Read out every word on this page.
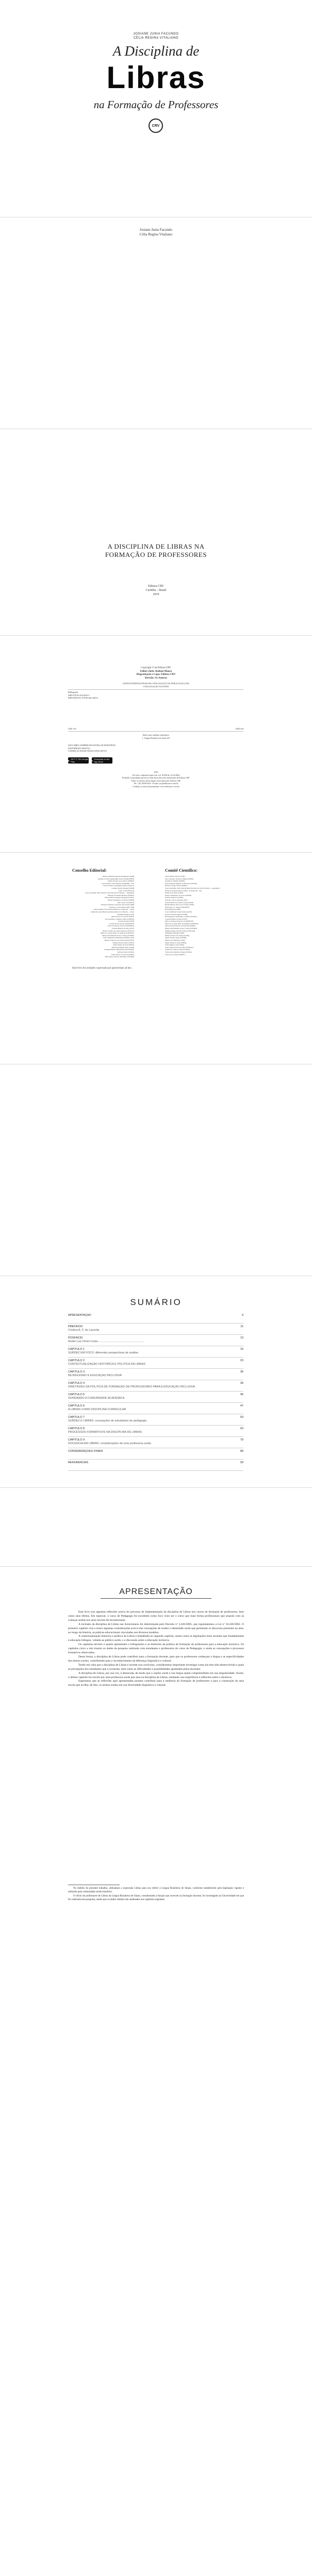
JOSIANE JUNIA FACUNDO
CÉLIA REGINA VITALIANO
A Disciplina de
Libras
na Formação de Professores
CRV
Josiane Junia Facundo
Célia Regina Vitaliano
A DISCIPLINA DE LIBRAS NA
FORMAÇÃO DE PROFESSORES
Editora CRV
Curitiba – Brasil
2019
Copyright © da Editora CRV
Editor-chefe: Railson Moura
Diagramação e Capa: Editora CRV
Revisão: As Autoras
DADOS INTERNACIONAIS DE CATALOGAÇÃO NA PUBLICAÇÃO (CIP)
CATALOGAÇÃO NA FONTE
Bibliografia
ISBN 978-85-444-3633-3
ISBN DIGITAL 978-85-444-3632-6
CDU 376	CDD 419
Índice para catálogo sistemático
1. Língua Brasileira de sinais 419
ESTA OBRA TAMBÉM ENCONTRA-SE DISPONÍVEL
EM FORMATO DIGITAL.
CONHEÇA E BAIXE NOSSO APLICATIVO!
▶ GET IT ON Google Play	● Download on the App Store
2019
Foi feito o depósito legal conf. Lei 10.994 de 14/12/2004
Proibida a reprodução parcial ou total desta obra sem autorização da Editora CRV
Todos os direitos desta edição reservados pela: Editora CRV
Tel.: (41) 3039-6418 - E-mail: sac@editoracrv.com.br
Conheça os nossos lançamentos: www.editoracrv.com.br
Conselho Editorial:	Comitê Científico:
Aldira Guimarães Duarte Domínguez (UNB)
Andréia da Silva Quintanilha Sousa (UNIR/UFRN)
Antônio Pereira Gaio Júnior (UFRRJ)
Carlos Alberto Vilar Estêvão (UMINHO – PT)
Carlos Federico Dominguez Avila (Unieuro)
Carmen Tereza Velanga (UNIR)
Celso Conti (UFSCar)
Cesar Gerónimo Tello (Univer. Nacional Três de Febrero – Argentina)
Eduardo Fernandes Barbosa (UFMG)
Elione Maria Nogueira Diogenes (UFAL)
Elizeu Clementino de Souza (UNEB)
Élsio José Corá (UFFS)
Fernando Antônio Gonçalves Alcoforado (IPB)
Francisco Carlos Duarte (PUC-PR)
Gloria Fariñas León (Universidade de La Havana – Cuba)
Guillermo Arias Beatón (Universidade de La Havana – Cuba)
Helmuth Krüger (UCP)
Jailson Alves dos Santos (UFRJ)
João Adalberto Campato Junior (UNESP)
Josania Portela (UFPI)
Leonel Severo Rocha (UNISINOS)
Lídia de Oliveira Xavier (UNIEURO)
Lourdes Helena da Silva (UFV)
Maria Cristina dos Santos Bezerra (UFSCar)
Maria de Lourdes Pinto de Almeida (UNOESC)
Maria Lília Imbiriba Sousa Colares (UFOPA)
Paulo Romualdo Hernandes (UNIFAL-MG)
Renato Francisco dos Santos Paula (UFG)
Rodrigo Pratte-Santos (UFES)
Sérgio Nunes de Jesus (IFRO)
Simone Rodrigues Pinto (UNB)
Solange Helena Ximenes-Rocha (UFOPA)
Sydione Santos (UEPG)
Tadeu Oliver Gonçalves (UFPA)
Tania Suely Azevedo Brasileiro (UFOPA)
Altair Alberto Fávero (UPF)
Ana Chrystina Venancio Mignot (UERJ)
Andréia N. Militão (UEMS)
Anna Augusta Sampaio de Oliveira (UNESP)
Barbara Coelho Neves (UFBA)
Cesar Gerónimo Tello (Universidad Nacional de Três de Febrero – Argentina)
Diosnel Centurion (Univ Americ. de Asunción – Py)
Eliane Rose Maio (UEM)
Elizeu Clementino de Souza (UNEB)
Fauston Negreiros (UFPI)
Francisco Ari de Andrade (UFC)
Gláucia Maria dos Santos Jorge (UFOP)
Helder Buenos Aires de Carvalho (UFPI)
Ilma Passos A. Veiga (UNICEUB)
Inês Bragança (UERJ)
José de Ribamar Sousa Pereira (UCB)
Jussara Fraga Portugal (UNEB)
Kilwangy Kya Kapitango-a-Samba (Unemat)
Lourdes Helena da Silva (UFV)
Marcos Vinicius Francisco (UNOESTE)
Maria de Lourdes Pinto de Almeida (UNOESC)
Maria Eurácia Barreto de Andrade (UFRB)
Maria Lília Imbiriba Sousa Colares (UFOPA)
Míghian Danae Ferreira Nunes (UNILAB)
Mohammed Elhajji (UFRJ)
Mônica Pereira dos Santos (UFRJ)
Najela Tavares Ujiie (UTFPR)
Nilson José Machado (USP)
Sérgio Nunes de Jesus (IFRO)
Silvia Regina Canan (URI)
Sonia Maria Ferreira Koehler (UNISAL)
Suzana dos Santos Gomes (UFMG)
Vânia Alves Martins Chaigar (FURG)
Vera Lucia Gaspar (UDESC)
Este livro foi avaliado e aprovado por pareceristas ad hoc.
SUMÁRIO
APRESENTAÇÃO	9
PREFÁCIO	11
Cristina B. F. de Lacerda
POSFÁCIO	13
André Luiz Omizi Costa ..........................................................
CAPÍTULO 1	15
SURDEZ EM FOCO: diferentes perspectivas de análise
CAPÍTULO 2	23
CONTEXTUALIZAÇÃO HISTÓRICA E POLÍTICA DA LIBRAS
CAPÍTULO 3	35
BILINGUISMO E EDUCAÇÃO INCLUSIVA
CAPÍTULO 4	39
DIRETRIZES DA POLÍTICA DE FORMAÇÃO DE PROFESSORES PARA A EDUCAÇÃO INCLUSIVA
CAPÍTULO 5	45
SONDANDO A COMUNIDADE ACADÊMICA
CAPÍTULO 6	47
A LIBRAS COMO DISCIPLINA CURRICULAR
CAPÍTULO 7	53
SURDEZ E LIBRAS: concepções de estudantes de pedagogia
CAPÍTULO 8	63
PROCESSOS FORMATIVOS NA DISCIPLINA DE LIBRAS
CAPÍTULO 9	79
DOCÊNCIA EM LIBRAS: considerações de uma professora surda
CONSIDERAÇÕES FINAIS	89
REFERÊNCIAS	93
APRESENTAÇÃO

Este livro traz algumas reflexões acerca do processo de implementação da disciplina de Libras nos cursos de formação de professores, bem como seus efeitos. Em especial, o curso de Pedagogia foi escolhido como foco visto ser o curso que mais forma profissionais que atuarão com as crianças surdas nos anos iniciais de escolarização.

A inclusão da disciplina de Libras nas licenciaturas foi determinada pelo Decreto nº 5.626/2005, que regulamentou a Lei nº 10.436/2002. O primeiro capítulo visa a trazer algumas considerações acerca das concepções de surdez e identidade surda que permeiam os discursos presentes na área, ao longo da história, as práticas educacionais vinculadas aos diversos modelos.

A contextualização histórica e política da Libras é trabalhada no segundo capítulo, assim como as legislações mais recentes que fundamentam a educação bilíngue, voltada ao público surdo, e a discussão sobre a educação inclusiva.

Os capítulos terceiro e quarto apresentam o bilinguismo e as diretrizes da política de formação de professores para a educação inclusiva. Os capítulos cinco a oito trazem os dados da pesquisa realizada com estudantes e professores do curso de Pedagogia, e ainda as concepções e processos formativos observados.

Desta forma, a disciplina de Libras pode contribuir para a formação docente, para que os professores conheçam a língua e as especificidades dos alunos surdos, contribuindo para o reconhecimento da diferença linguística e cultural.

Tendo em vista que a disciplina de Libras é recente nos currículos, consideramos importante investigar como ela tem sido desenvolvida e quais as percepções dos estudantes que a cursaram, bem como as dificuldades e possibilidades apontadas pelos docentes.

A disciplina de Libras, por sua vez, é destacada, de modo que o sujeito surdo e sua língua sejam compreendidos em sua singularidade. Assim, o último capítulo foi escrito por uma professora surda que atua na disciplina de Libras, relatando sua experiência e reflexões sobre a docência.

Esperamos que as reflexões aqui apresentadas possam contribuir para a melhoria da formação de professores e para a construção de uma escola que acolha, de fato, os alunos surdos em sua diversidade linguística e cultural.

No âmbito do presente trabalho, utilizamos a expressão Libras para nos referir à Língua Brasileira de Sinais, conforme estabelecido pela legislação vigente e utilizado pela comunidade surda brasileira.

O ofício de professores de Libras da Língua Brasileira de Sinais, considerando a função que exercem na formação docente, foi investigado na Universidade em que foi realizada esta pesquisa, sendo que os dados obtidos são analisados nos capítulos seguintes.
